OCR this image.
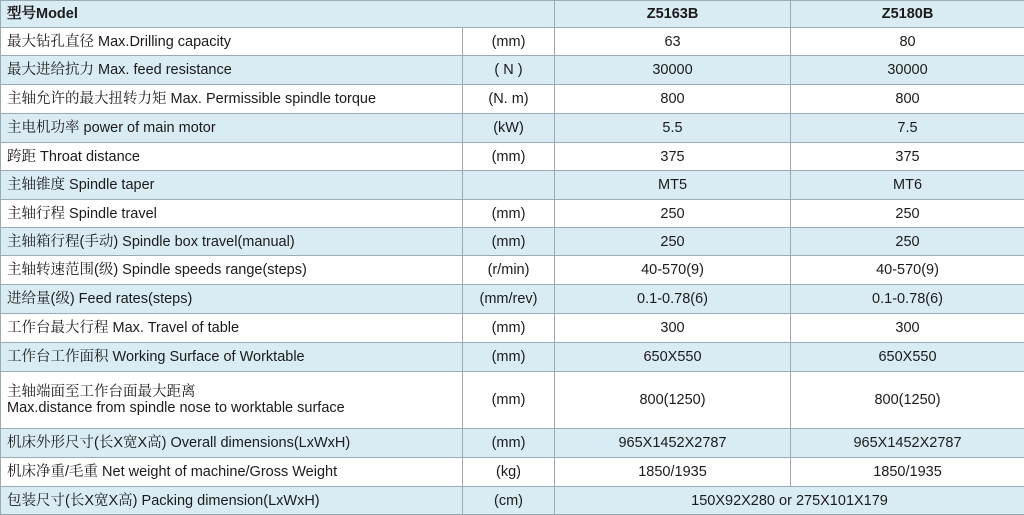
型号Model		Z5163B	Z5180B
最大钻孔直径 Max.Drilling capacity	(mm)	63	80
最大进给抗力 Max. feed resistance	( N )	30000	30000
主轴允许的最大扭转力矩 Max. Permissible spindle torque	(N. m)	800	800
主电机功率 power of main motor	(kW)	5.5	7.5
跨距 Throat distance	(mm)	375	375
主轴锥度 Spindle taper		MT5	MT6
主轴行程 Spindle travel	(mm)	250	250
主轴箱行程(手动) Spindle box travel(manual)	(mm)	250	250
主轴转速范围(级) Spindle speeds range(steps)	(r/min)	40-570(9)	40-570(9)
进给量(级) Feed rates(steps)	(mm/rev)	0.1-0.78(6)	0.1-0.78(6)
工作台最大行程 Max. Travel of table	(mm)	300	300
工作台工作面积 Working Surface of Worktable	(mm)	650X550	650X550

主轴端面至工作台面最大距离
Max.distance from spindle nose to worktable surface	(mm)	800(1250)	800(1250)
机床外形尺寸(长X宽X高) Overall dimensions(LxWxH)	(mm)	965X1452X2787	965X1452X2787
机床净重/毛重 Net weight of machine/Gross Weight	(kg)	1850/1935	1850/1935
包装尺寸(长X宽X高) Packing dimension(LxWxH)	(cm)	150X92X280 or 275X101X179	
